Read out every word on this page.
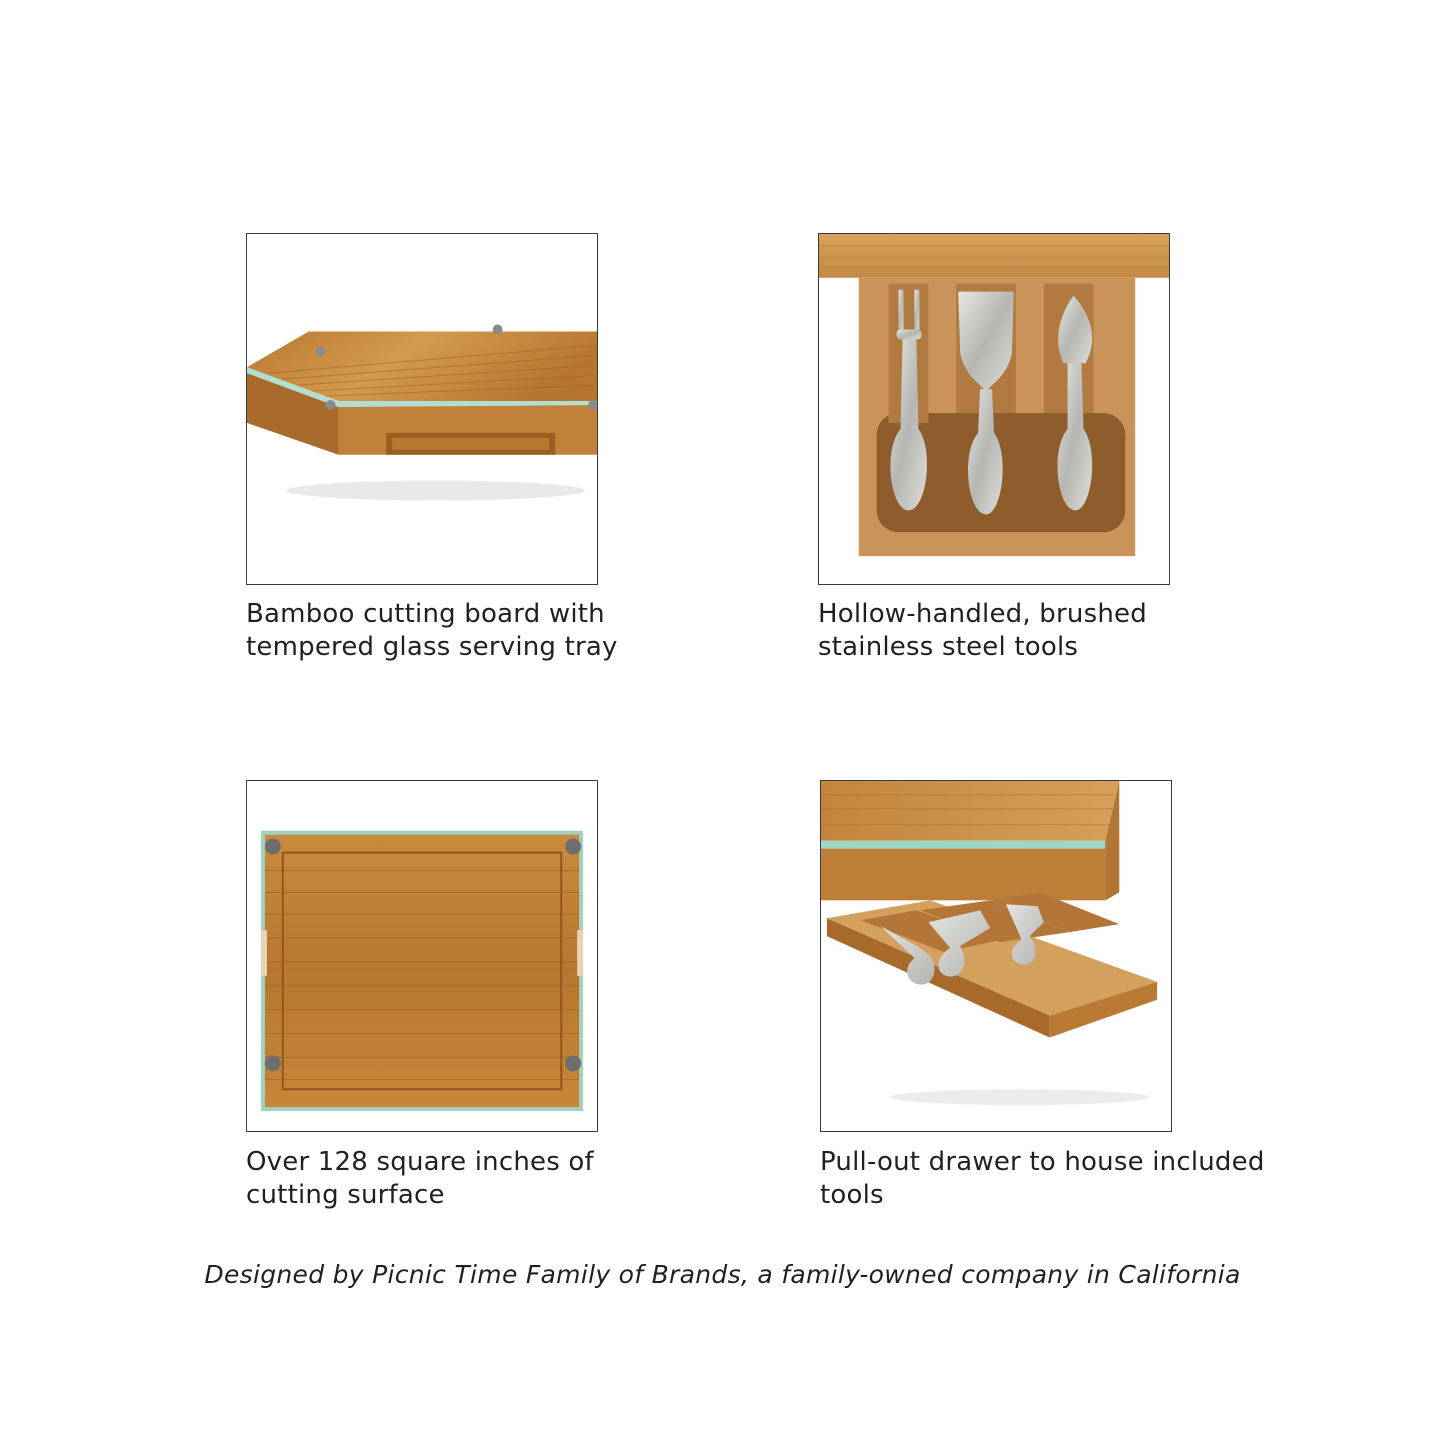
Bamboo cutting board with
tempered glass serving tray
Hollow-handled, brushed
stainless steel tools
Over 128 square inches of
cutting surface
Pull-out drawer to house included
tools
Designed by Picnic Time Family of Brands, a family-owned company in California
